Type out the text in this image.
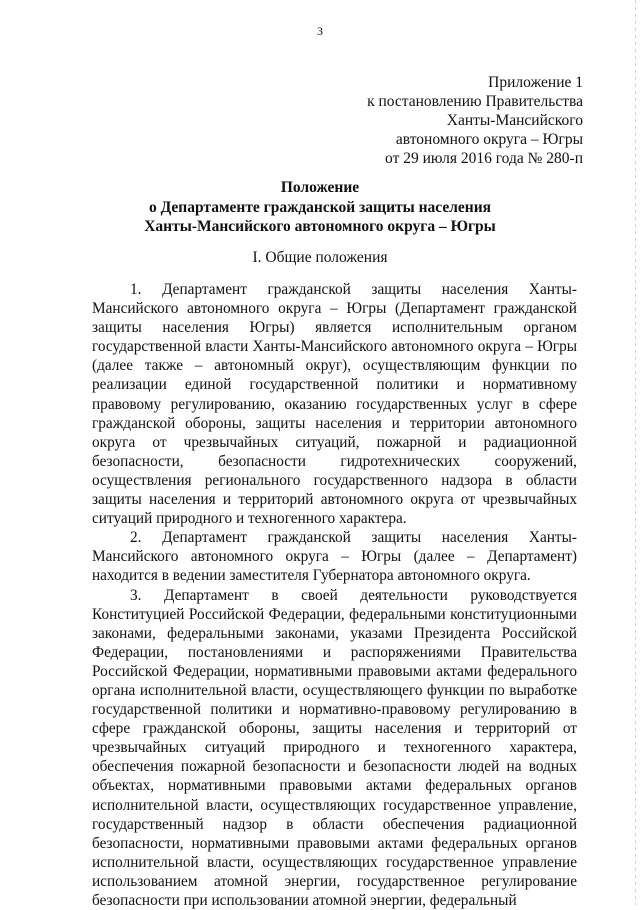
3
Приложение 1
к постановлению Правительства
Ханты-Мансийского
автономного округа – Югры
от 29 июля 2016 года № 280-п
Положение
о Департаменте гражданской защиты населения
Ханты-Мансийского автономного округа – Югры
I. Общие положения

1. Департамент гражданской защиты населения Ханты-Мансийского автономного округа – Югры (Департамент гражданской защиты населения Югры) является исполнительным органом государственной власти Ханты-Мансийского автономного округа – Югры (далее также – автономный округ), осуществляющим функции по реализации единой государственной политики и нормативному правовому регулированию, оказанию государственных услуг в сфере гражданской обороны, защиты населения и территории автономного округа от чрезвычайных ситуаций, пожарной и радиационной безопасности, безопасности гидротехнических сооружений, осуществления регионального государственного надзора в области защиты населения и территорий автономного округа от чрезвычайных ситуаций природного и техногенного характера.

2. Департамент гражданской защиты населения Ханты-Мансийского автономного округа – Югры (далее – Департамент) находится в ведении заместителя Губернатора автономного округа.

3. Департамент в своей деятельности руководствуется Конституцией Российской Федерации, федеральными конституционными законами, федеральными законами, указами Президента Российской Федерации, постановлениями и распоряжениями Правительства Российской Федерации, нормативными правовыми актами федерального органа исполнительной власти, осуществляющего функции по выработке государственной политики и нормативно-правовому регулированию в сфере гражданской обороны, защиты населения и территорий от чрезвычайных ситуаций природного и техногенного характера, обеспечения пожарной безопасности и безопасности людей на водных объектах, нормативными правовыми актами федеральных органов исполнительной власти, осуществляющих государственное управление, государственный надзор в области обеспечения радиационной безопасности, нормативными правовыми актами федеральных органов исполнительной власти, осуществляющих государственное управление использованием атомной энергии, государственное регулирование безопасности при использовании атомной энергии, федеральный
